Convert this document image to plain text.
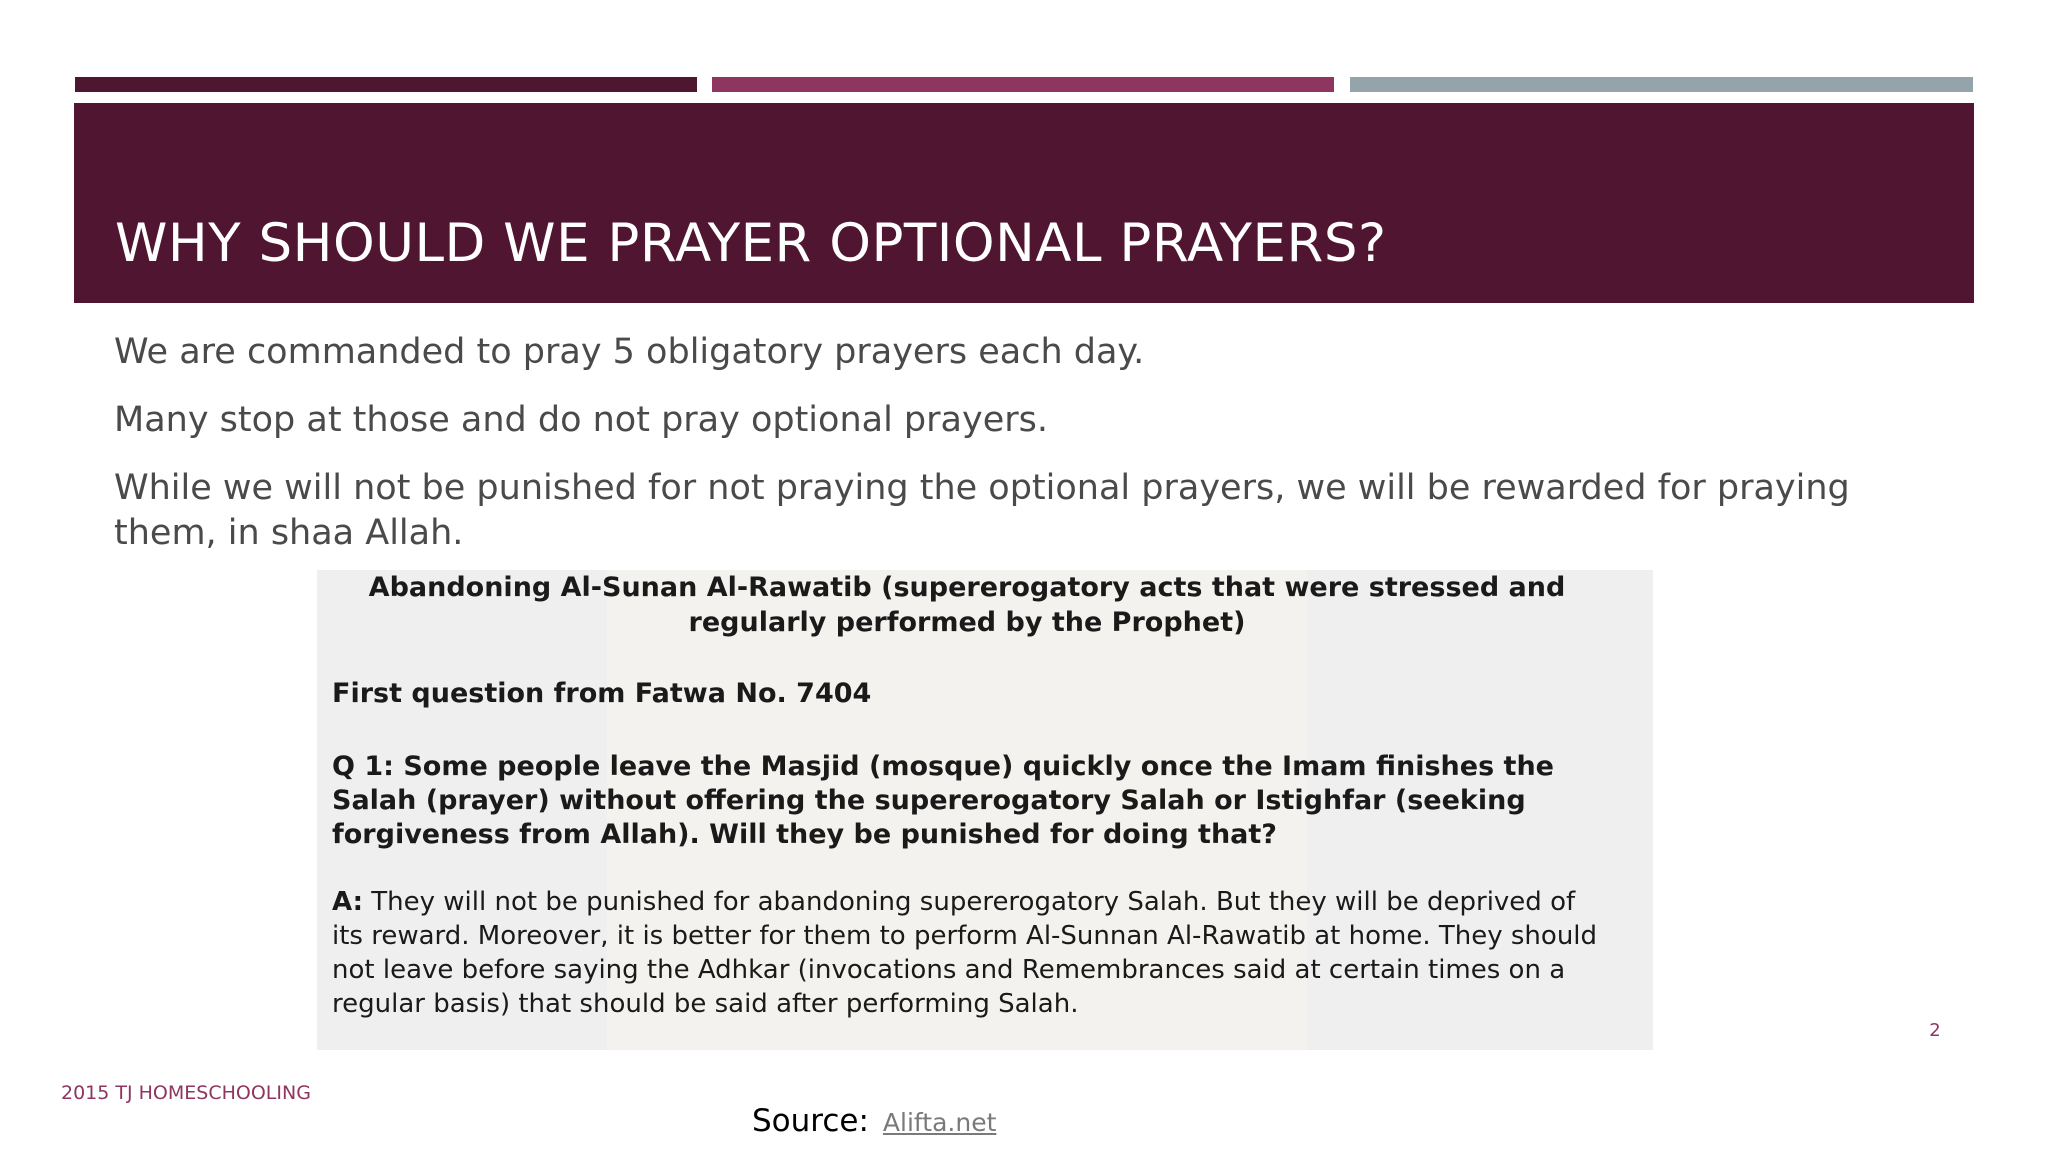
WHY SHOULD WE PRAYER OPTIONAL PRAYERS?
We are commanded to pray 5 obligatory prayers each day.
Many stop at those and do not pray optional prayers.
While we will not be punished for not praying the optional prayers, we will be rewarded for praying them, in shaa Allah.
Abandoning Al-Sunan Al-Rawatib (supererogatory acts that were stressed and regularly performed by the Prophet)
First question from Fatwa No. 7404
Q 1: Some people leave the Masjid (mosque) quickly once the Imam finishes the Salah (prayer) without offering the supererogatory Salah or Istighfar (seeking forgiveness from Allah). Will they be punished for doing that?
A: They will not be punished for abandoning supererogatory Salah. But they will be deprived of its reward. Moreover, it is better for them to perform Al-Sunnan Al-Rawatib at home. They should not leave before saying the Adhkar (invocations and Remembrances said at certain times on a regular basis) that should be said after performing Salah.
2
2015 TJ HOMESCHOOLING
Source: Alifta.net
